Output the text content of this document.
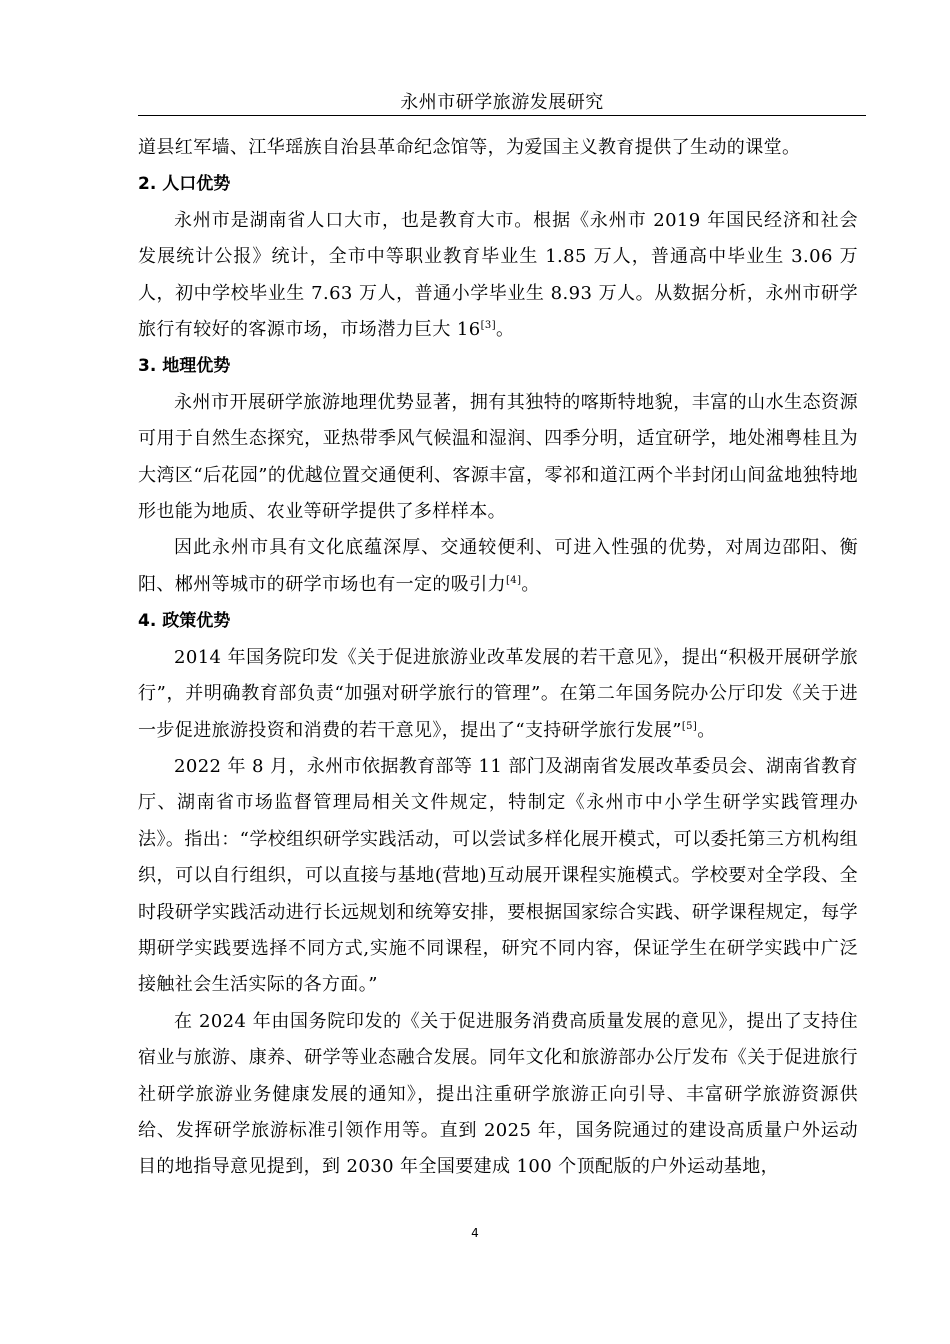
永州市研学旅游发展研究

道县红军墙、江华瑶族自治县革命纪念馆等，为爱国主义教育提供了生动的课堂。

2. 人口优势

永州市是湖南省人口大市，也是教育大市。根据《永州市 2019 年国民经济和社会发展统计公报》统计，全市中等职业教育毕业生 1.85 万人，普通高中毕业生 3.06 万人，初中学校毕业生 7.63 万人，普通小学毕业生 8.93 万人。从数据分析，永州市研学旅行有较好的客源市场，市场潜力巨大 16[3]。

3. 地理优势

永州市开展研学旅游地理优势显著，拥有其独特的喀斯特地貌，丰富的山水生态资源可用于自然生态探究，亚热带季风气候温和湿润、四季分明，适宜研学，地处湘粤桂且为大湾区“后花园”的优越位置交通便利、客源丰富，零祁和道江两个半封闭山间盆地独特地形也能为地质、农业等研学提供了多样样本。

因此永州市具有文化底蕴深厚、交通较便利、可进入性强的优势，对周边邵阳、衡阳、郴州等城市的研学市场也有一定的吸引力[4]。

4. 政策优势

2014 年国务院印发《关于促进旅游业改革发展的若干意见》，提出“积极开展研学旅行”，并明确教育部负责“加强对研学旅行的管理”。在第二年国务院办公厅印发《关于进一步促进旅游投资和消费的若干意见》，提出了“支持研学旅行发展”[5]。

2022 年 8 月，永州市依据教育部等 11 部门及湖南省发展改革委员会、湖南省教育厅、湖南省市场监督管理局相关文件规定，特制定《永州市中小学生研学实践管理办法》。指出：“学校组织研学实践活动，可以尝试多样化展开模式，可以委托第三方机构组织，可以自行组织，可以直接与基地(营地)互动展开课程实施模式。学校要对全学段、全时段研学实践活动进行长远规划和统筹安排，要根据国家综合实践、研学课程规定，每学期研学实践要选择不同方式,实施不同课程，研究不同内容，保证学生在研学实践中广泛接触社会生活实际的各方面。”

在 2024 年由国务院印发的《关于促进服务消费高质量发展的意见》，提出了支持住宿业与旅游、康养、研学等业态融合发展。同年文化和旅游部办公厅发布《关于促进旅行社研学旅游业务健康发展的通知》，提出注重研学旅游正向引导、丰富研学旅游资源供给、发挥研学旅游标准引领作用等。直到 2025 年，国务院通过的建设高质量户外运动目的地指导意见提到，到 2030 年全国要建成 100 个顶配版的户外运动基地，

4
